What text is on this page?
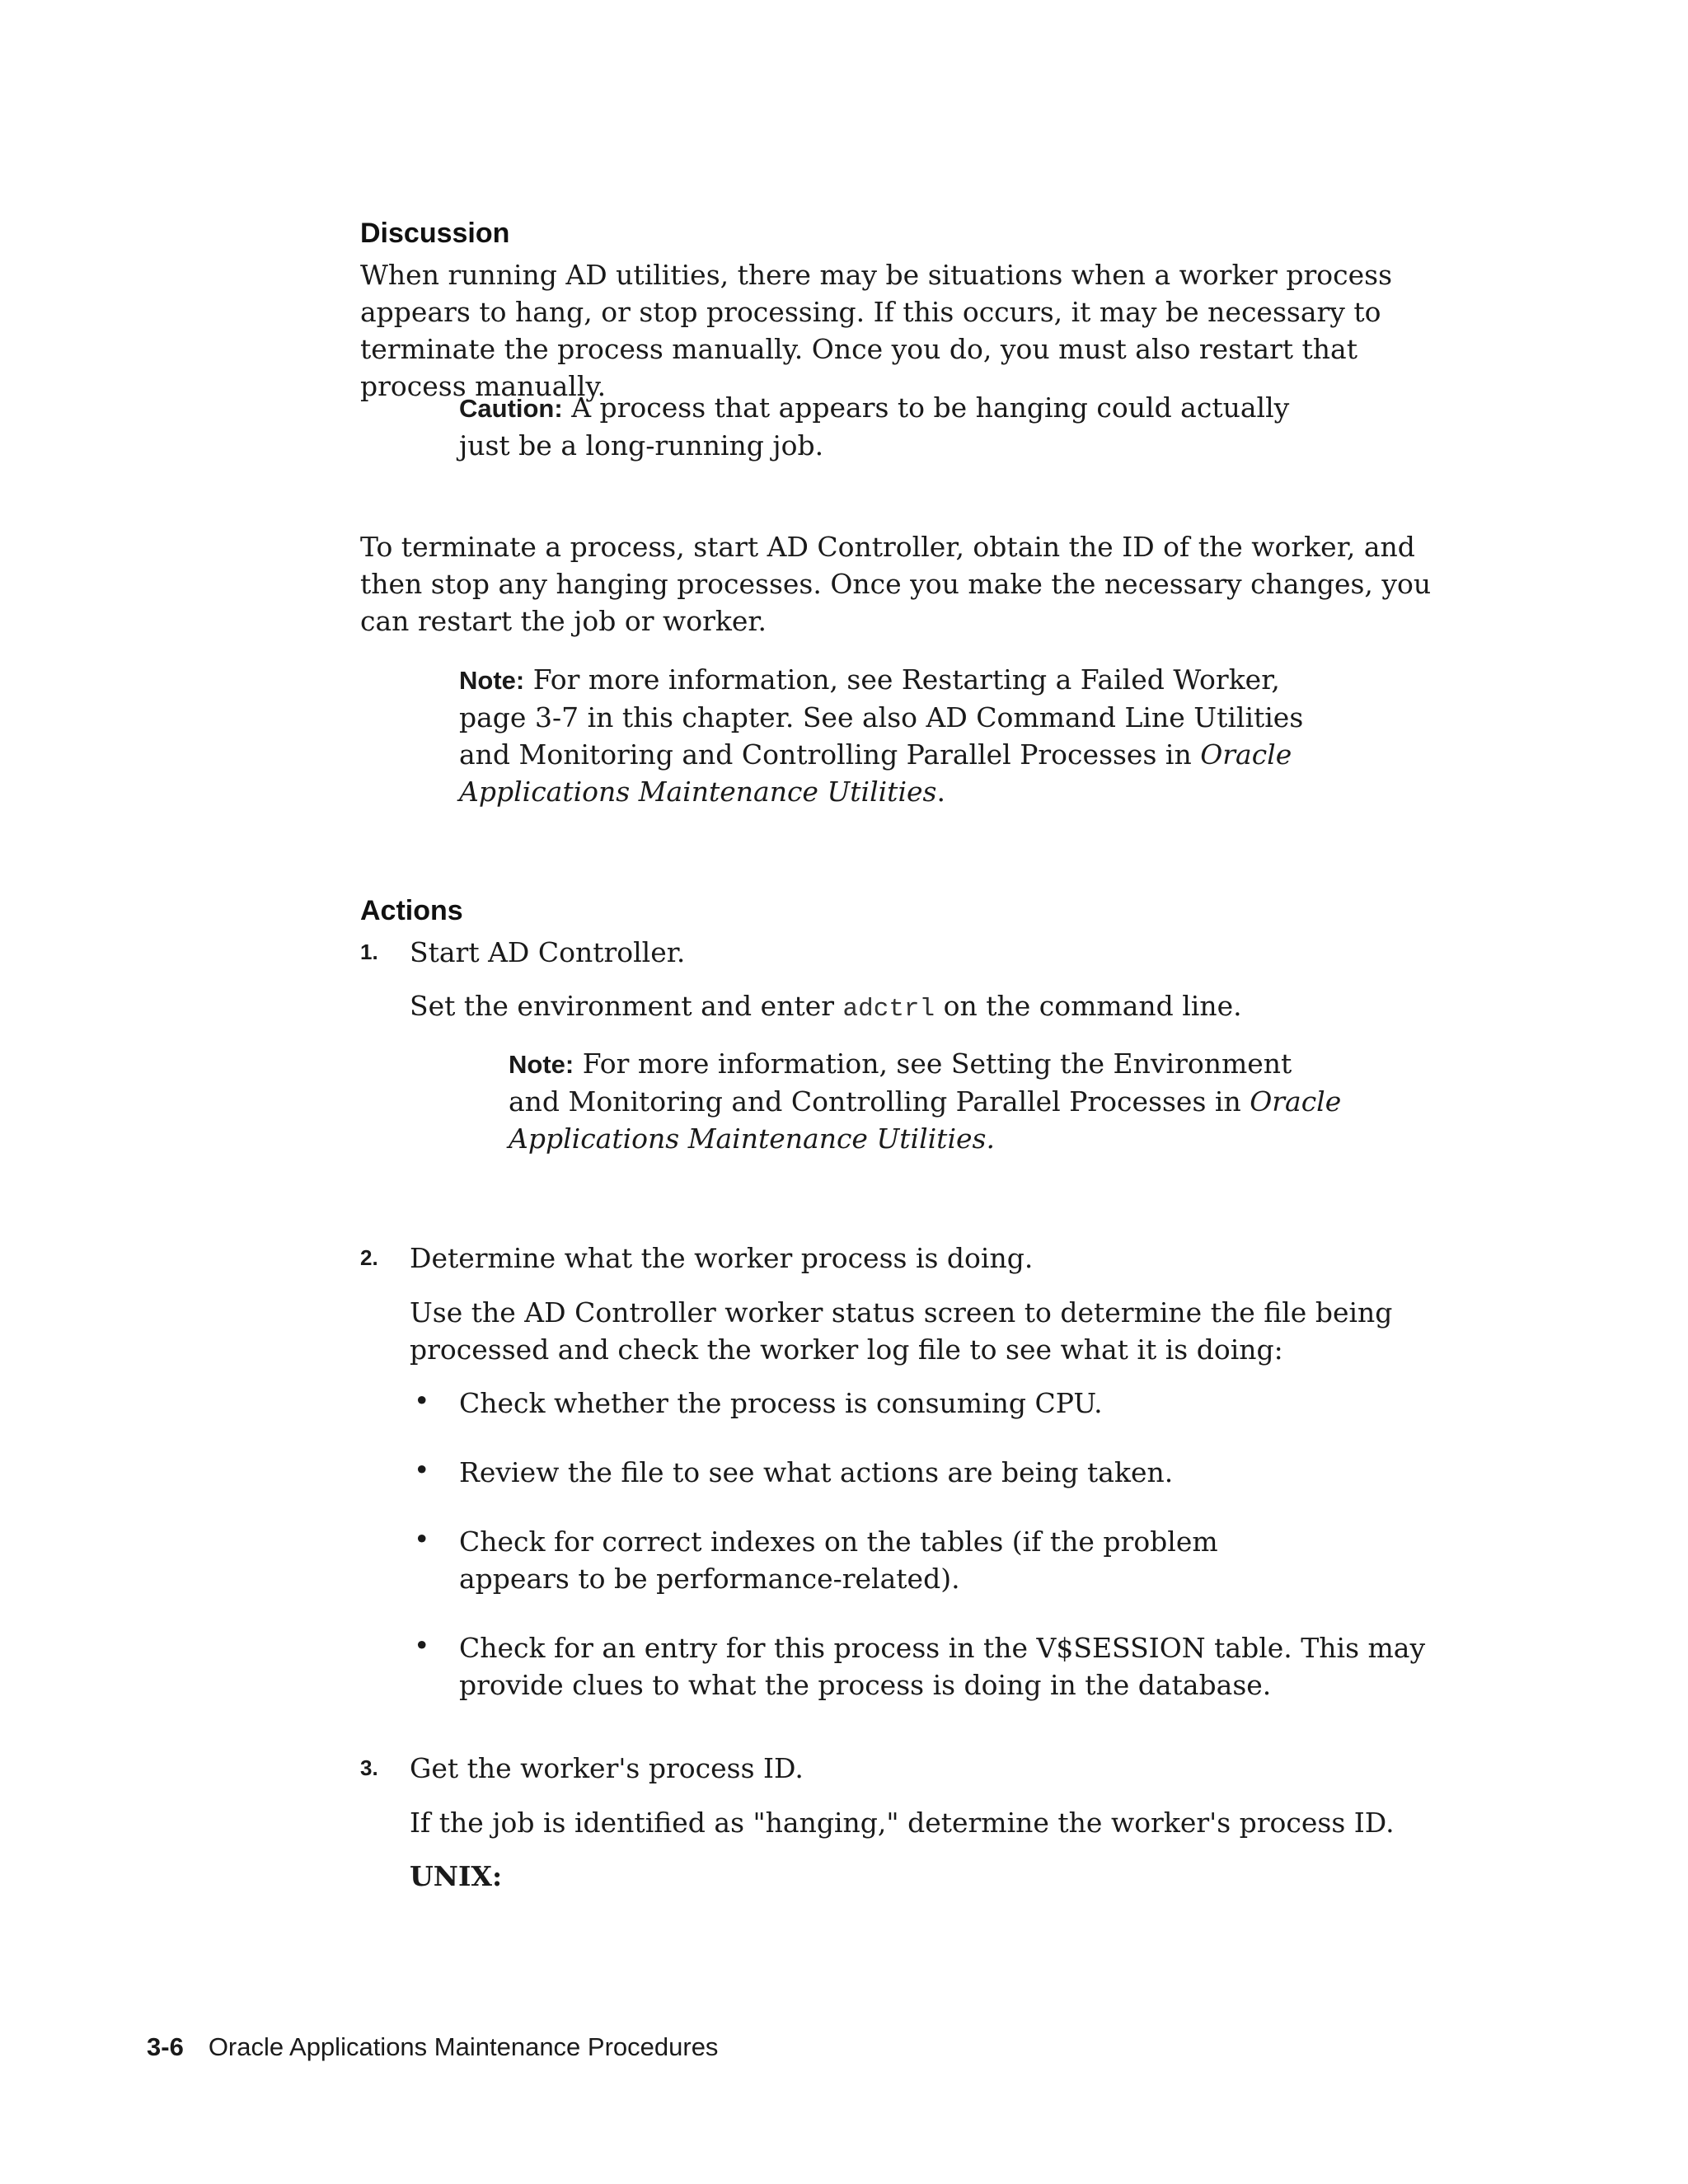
Discussion
When running AD utilities, there may be situations when a worker process appears to hang, or stop processing. If this occurs, it may be necessary to terminate the process manually. Once you do, you must also restart that process manually.
Caution: A process that appears to be hanging could actually just be a long-running job.
To terminate a process, start AD Controller, obtain the ID of the worker, and then stop any hanging processes. Once you make the necessary changes, you can restart the job or worker.
Note: For more information, see Restarting a Failed Worker, page 3-7 in this chapter. See also AD Command Line Utilities and Monitoring and Controlling Parallel Processes in Oracle Applications Maintenance Utilities.
Actions
1. Start AD Controller.
Set the environment and enter adctrl on the command line.
Note: For more information, see Setting the Environment and Monitoring and Controlling Parallel Processes in Oracle Applications Maintenance Utilities.
2. Determine what the worker process is doing.
Use the AD Controller worker status screen to determine the file being processed and check the worker log file to see what it is doing:
• Check whether the process is consuming CPU.
• Review the file to see what actions are being taken.
• Check for correct indexes on the tables (if the problem appears to be performance-related).
• Check for an entry for this process in the V$SESSION table. This may provide clues to what the process is doing in the database.
3. Get the worker's process ID.
If the job is identified as "hanging," determine the worker's process ID.
UNIX:
3-6 Oracle Applications Maintenance Procedures
